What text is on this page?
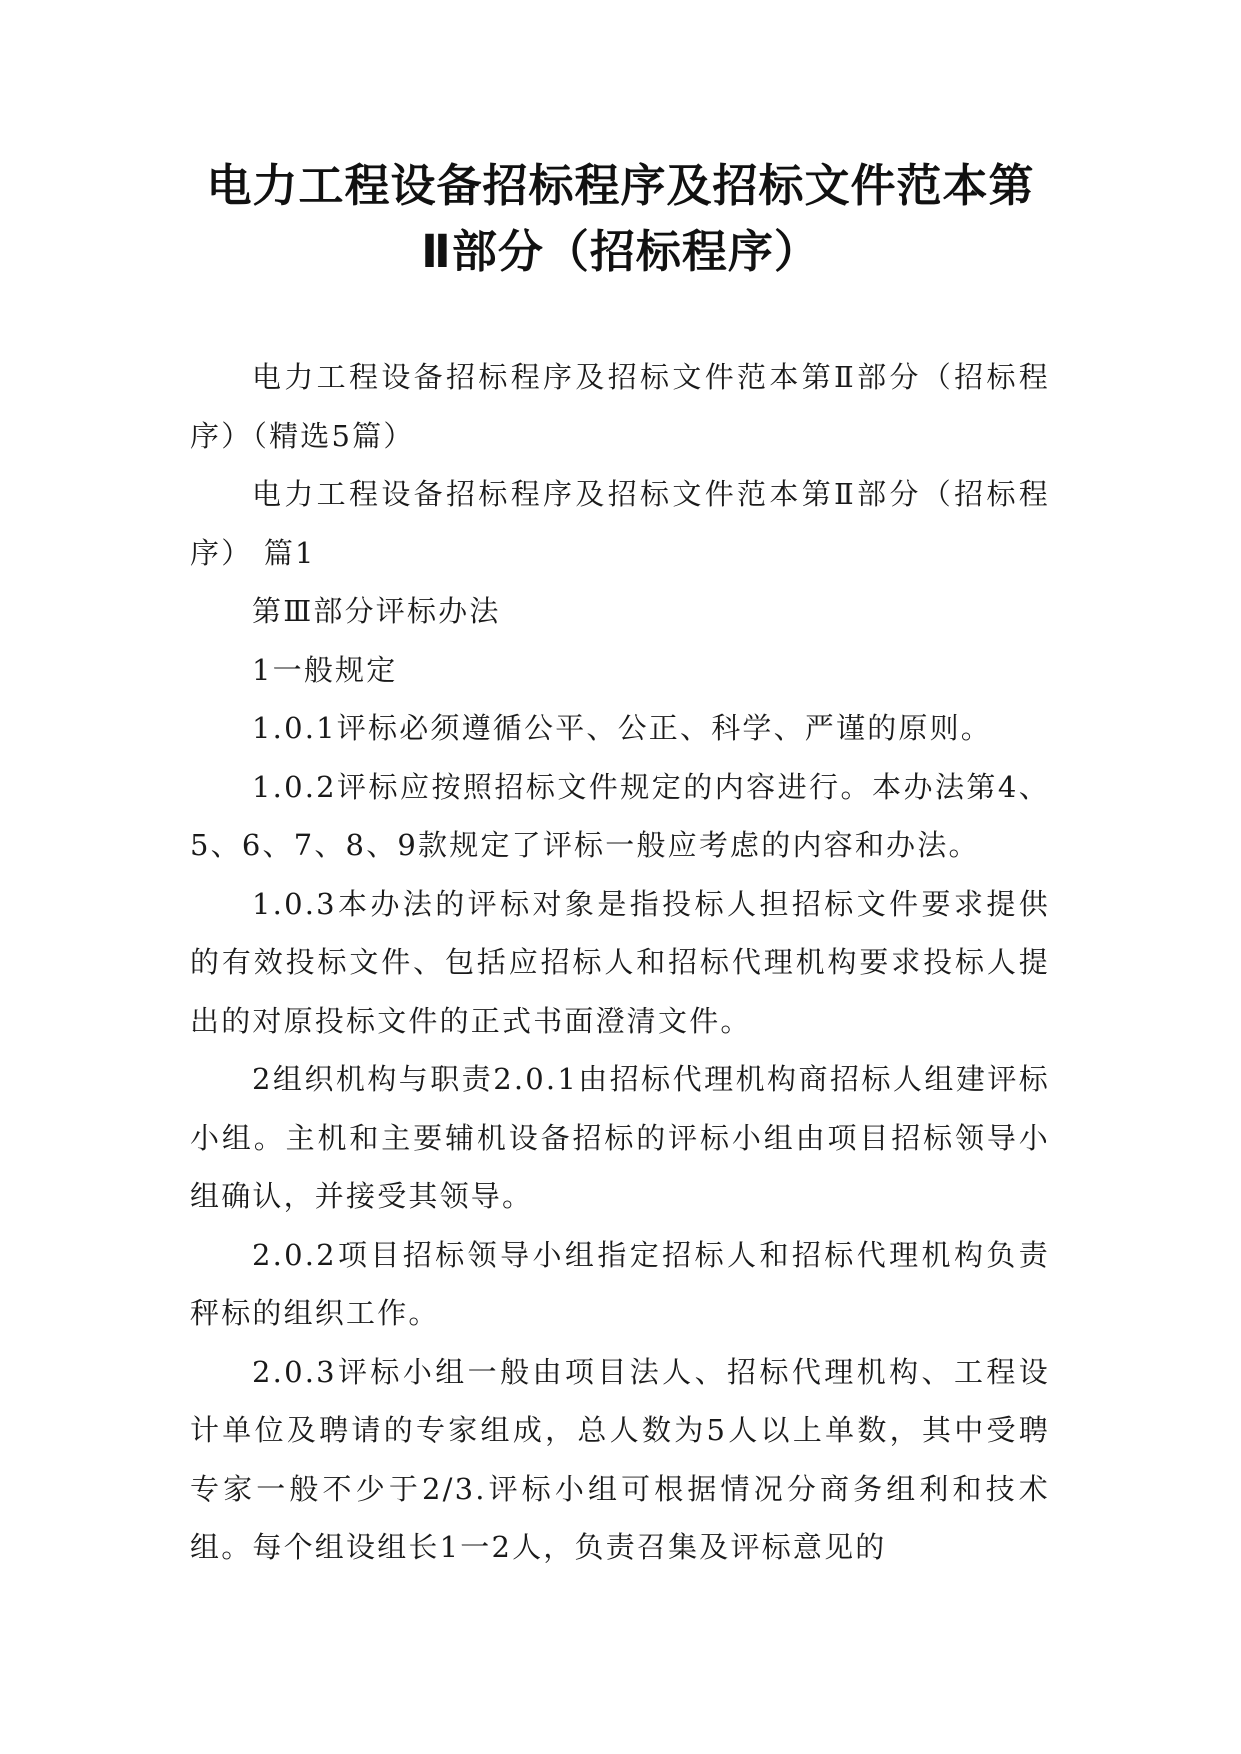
电力工程设备招标程序及招标文件范本第
Ⅱ部分（招标程序）

电力工程设备招标程序及招标文件范本第Ⅱ部分（招标程序）（精选5篇）

电力工程设备招标程序及招标文件范本第Ⅱ部分（招标程序） 篇1

第Ⅲ部分评标办法

1一般规定

1.0.1评标必须遵循公平、公正、科学、严谨的原则。

1.0.2评标应按照招标文件规定的内容进行。本办法第4、5、6、7、8、9款规定了评标一般应考虑的内容和办法。

1.0.3本办法的评标对象是指投标人担招标文件要求提供的有效投标文件、包括应招标人和招标代理机构要求投标人提出的对原投标文件的正式书面澄清文件。

2组织机构与职责2.0.1由招标代理机构商招标人组建评标小组。主机和主要辅机设备招标的评标小组由项目招标领导小组确认，并接受其领导。

2.0.2项目招标领导小组指定招标人和招标代理机构负责秤标的组织工作。

2.0.3评标小组一般由项目法人、招标代理机构、工程设计单位及聘请的专家组成，总人数为5人以上单数，其中受聘专家一般不少于2/3.评标小组可根据情况分商务组利和技术组。每个组设组长1一2人，负责召集及评标意见的
